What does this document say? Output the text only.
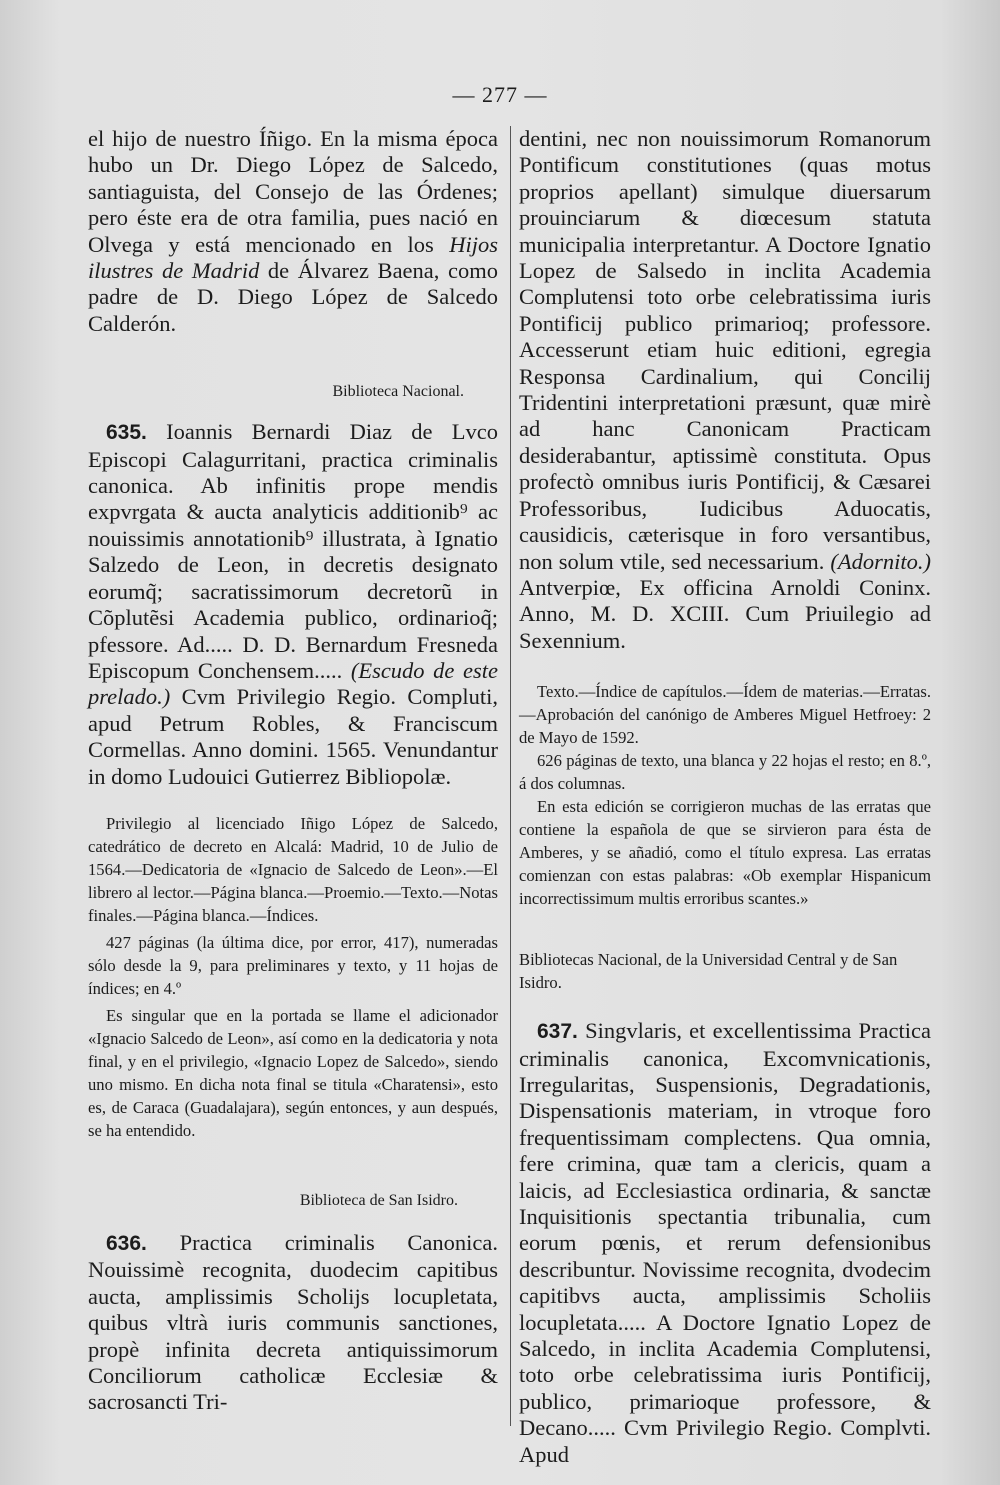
— 277 —

el hijo de nuestro Íñigo. En la misma época hubo un Dr. Diego Lόpez de Salcedo, santiaguista, del Consejo de las Órdenes; pero éste era de otra familia, pues nació en Olvega y está mencionado en los Hijos ilustres de Madrid de Álvarez Baena, como padre de D. Diego López de Salcedo Calderón.

Biblioteca Nacional.

635. Ioannis Bernardi Diaz de Lvco Episcopi Calagurritani, practica criminalis canonica. Ab infinitis prope mendis expvrgata & aucta analyticis additionib⁹ ac nouissimis annotationib⁹ illustrata, à Ignatio Salzedo de Leon, in decretis designato eorumq̃; sacratissimorum decretorũ in Cõplutẽsi Academia publico, ordinarioq̃; pfessore. Ad..... D. D. Bernardum Fresneda Episcopum Conchensem..... (Escudo de este prelado.) Cvm Privilegio Regio. Compluti, apud Petrum Robles, & Franciscum Cormellas. Anno domini. 1565. Venundantur in domo Ludouici Gutierrez Bibliopolæ.

Privilegio al licenciado Iñigo López de Salcedo, catedrático de decreto en Alcalá: Madrid, 10 de Julio de 1564.—Dedicatoria de «Ignacio de Salcedo de Leon».—El librero al lector.—Página blanca.—Proemio.—Texto.—Notas finales.—Página blanca.—Índices.

427 páginas (la última dice, por error, 417), numeradas sólo desde la 9, para preliminares y texto, y 11 hojas de índices; en 4.º

Es singular que en la portada se llame el adicionador «Ignacio Salcedo de Leon», así como en la dedicatoria y nota final, y en el privilegio, «Ignacio Lopez de Salcedo», siendo uno mismo. En dicha nota final se titula «Charatensi», esto es, de Caraca (Guadalajara), según entonces, y aun después, se ha entendido.

Biblioteca de San Isidro.

636. Practica criminalis Canonica. Nouissimè recognita, duodecim capitibus aucta, amplissimis Scholijs locupletata, quibus vltrà iuris communis sanctiones, propè infinita decreta antiquissimorum Conciliorum catholicæ Ecclesiæ & sacrosancti Tri-

dentini, nec non nouissimorum Romanorum Pontificum constitutiones (quas motus proprios apellant) simulque diuersarum prouinciarum & diœcesum statuta municipalia interpretantur. A Doctore Ignatio Lopez de Salsedo in inclita Academia Complutensi toto orbe celebratissima iuris Pontificij publico primarioq; professore. Accesserunt etiam huic editioni, egregia Responsa Cardinalium, qui Concilij Tridentini interpretationi præsunt, quæ mirè ad hanc Canonicam Practicam desiderabantur, aptissimè constituta. Opus profectò omnibus iuris Pontificij, & Cæsarei Professoribus, Iudicibus Aduocatis, causidicis, cæterisque in foro versantibus, non solum vtile, sed necessarium. (Adornito.) Antverpiœ, Ex officina Arnoldi Coninx. Anno, M. D. XCIII. Cum Priuilegio ad Sexennium.

Texto.—Índice de capítulos.—Ídem de materias.—Erratas.—Aprobación del canónigo de Amberes Miguel Hetfroey: 2 de Mayo de 1592.

626 páginas de texto, una blanca y 22 hojas el resto; en 8.º, á dos columnas.

En esta edición se corrigieron muchas de las erratas que contiene la española de que se sirvieron para ésta de Amberes, y se añadió, como el título expresa. Las erratas comienzan con estas palabras: «Ob exemplar Hispanicum incorrectissimum multis erroribus scantes.»

Bibliotecas Nacional, de la Universidad Central y de San Isidro.

637. Singvlaris, et excellentissima Practica criminalis canonica, Excomvnicationis, Irregularitas, Suspensionis, Degradationis, Dispensationis materiam, in vtroque foro frequentissimam complectens. Qua omnia, fere crimina, quæ tam a clericis, quam a laicis, ad Ecclesiastica ordinaria, & sanctæ Inquisitionis spectantia tribunalia, cum eorum pœnis, et rerum defensionibus describuntur. Novissime recognita, dvodecim capitibvs aucta, amplissimis Scholiis locupletata..... A Doctore Ignatio Lopez de Salcedo, in inclita Academia Complutensi, toto orbe celebratissima iuris Pontificij, publico, primarioque professore, & Decano..... Cvm Privilegio Regio. Complvti. Apud
